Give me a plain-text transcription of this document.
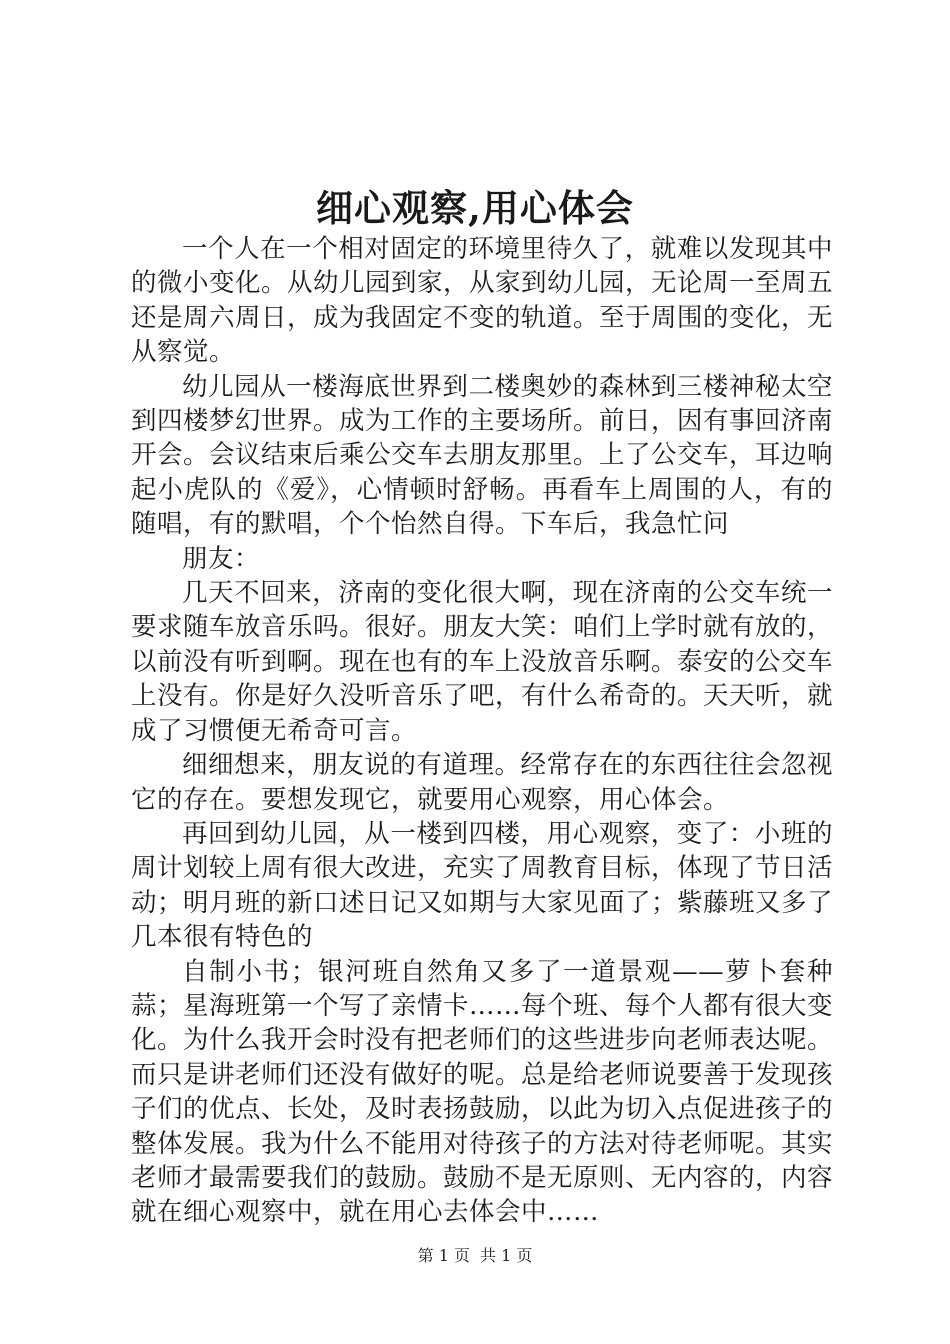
细心观察,用心体会

一个人在一个相对固定的环境里待久了，就难以发现其中的微小变化。从幼儿园到家，从家到幼儿园，无论周一至周五还是周六周日，成为我固定不变的轨道。至于周围的变化，无从察觉。

幼儿园从一楼海底世界到二楼奥妙的森林到三楼神秘太空到四楼梦幻世界。成为工作的主要场所。前日，因有事回济南开会。会议结束后乘公交车去朋友那里。上了公交车，耳边响起小虎队的《爱》，心情顿时舒畅。再看车上周围的人，有的随唱，有的默唱，个个怡然自得。下车后，我急忙问

朋友：

几天不回来，济南的变化很大啊，现在济南的公交车统一要求随车放音乐吗。很好。朋友大笑：咱们上学时就有放的，以前没有听到啊。现在也有的车上没放音乐啊。泰安的公交车上没有。你是好久没听音乐了吧，有什么希奇的。天天听，就成了习惯便无希奇可言。

细细想来，朋友说的有道理。经常存在的东西往往会忽视它的存在。要想发现它，就要用心观察，用心体会。

再回到幼儿园，从一楼到四楼，用心观察，变了：小班的周计划较上周有很大改进，充实了周教育目标，体现了节日活动；明月班的新口述日记又如期与大家见面了；紫藤班又多了几本很有特色的

自制小书；银河班自然角又多了一道景观——萝卜套种蒜；星海班第一个写了亲情卡……每个班、每个人都有很大变化。为什么我开会时没有把老师们的这些进步向老师表达呢。而只是讲老师们还没有做好的呢。总是给老师说要善于发现孩子们的优点、长处，及时表扬鼓励，以此为切入点促进孩子的整体发展。我为什么不能用对待孩子的方法对待老师呢。其实老师才最需要我们的鼓励。鼓励不是无原则、无内容的，内容就在细心观察中，就在用心去体会中……

第 1 页 共 1 页
